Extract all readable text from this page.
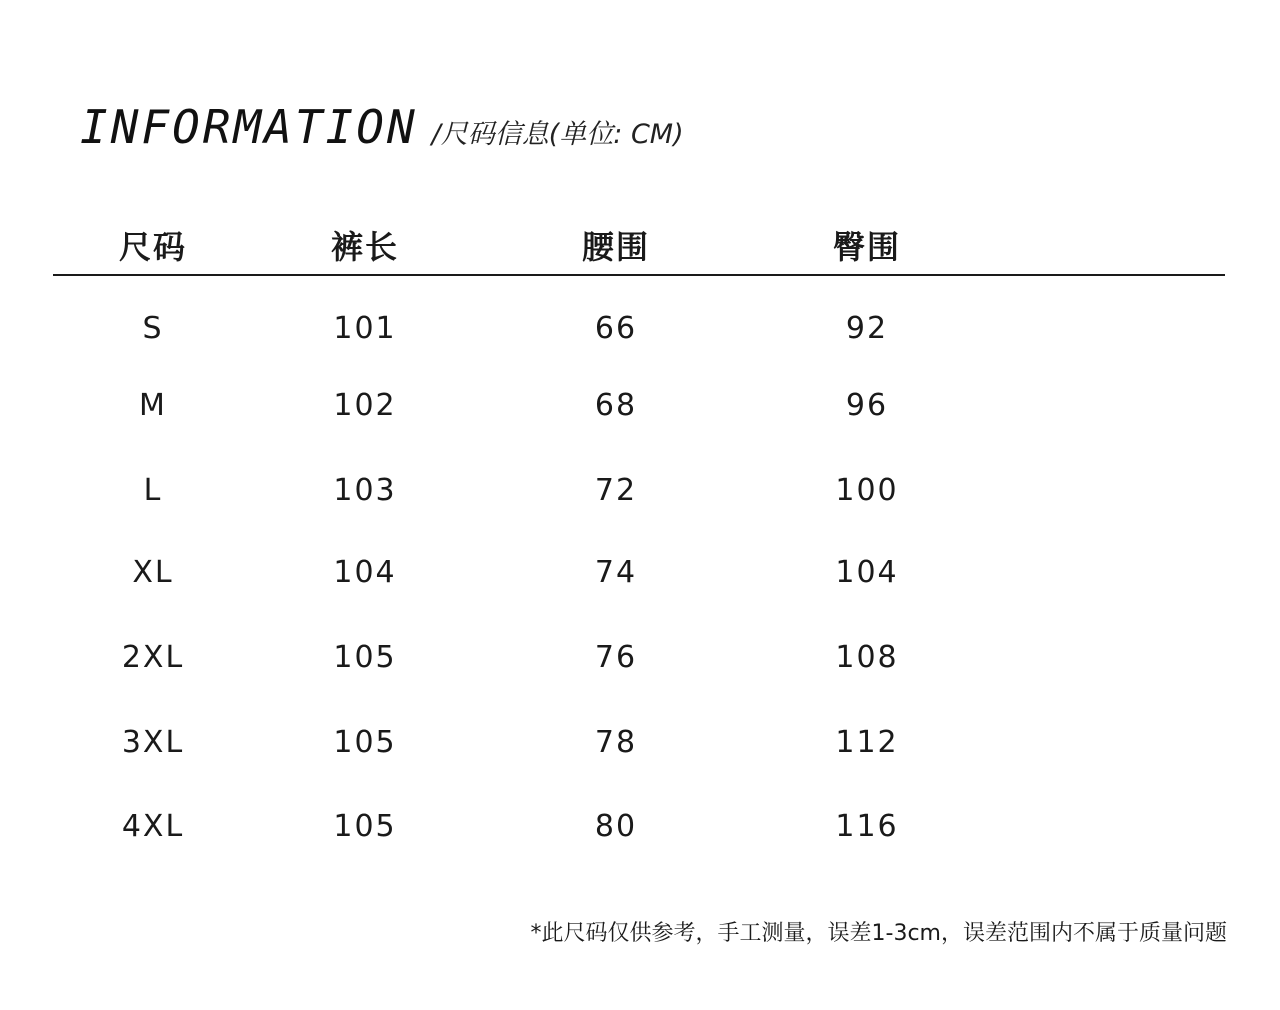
INFORMATION /尺码信息(单位: CM)
尺码	裤长	腰围	臀围
S	101	66	92
M	102	68	96
L	103	72	100
XL	104	74	104
2XL	105	76	108
3XL	105	78	112
4XL	105	80	116
*此尺码仅供参考，手工测量，误差1-3cm，误差范围内不属于质量问题
